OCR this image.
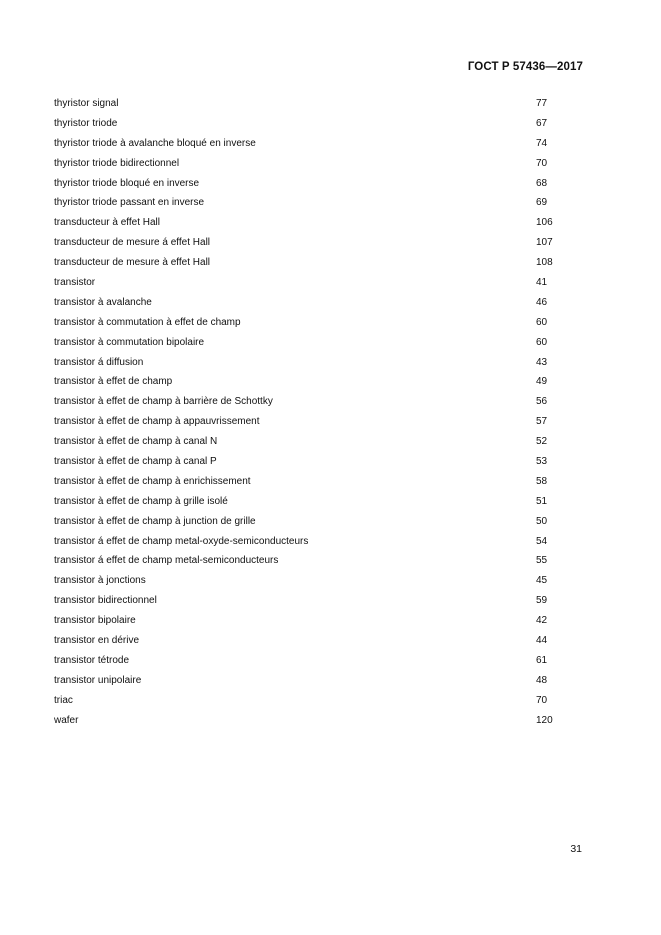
ГОСТ Р 57436—2017
thyristor signal	77
thyristor triode	67
thyristor triode à avalanche bloqué en inverse	74
thyristor triode bidirectionnel	70
thyristor triode bloqué en inverse	68
thyristor triode passant en inverse	69
transducteur à effet Hall	106
transducteur de mesure á effet Hall	107
transducteur de mesure à effet Hall	108
transistor	41
transistor à avalanche	46
transistor à commutation à effet de champ	60
transistor à commutation bipolaire	60
transistor á diffusion	43
transistor à effet de champ	49
transistor à effet de champ à barrière de Schottky	56
transistor à effet de champ à appauvrissement	57
transistor à effet de champ à canal N	52
transistor à effet de champ à canal P	53
transistor à effet de champ à enrichissement	58
transistor à effet de champ à grille isolé	51
transistor à effet de champ à junction de grille	50
transistor á effet de champ metal-oxyde-semiconducteurs	54
transistor á effet de champ metal-semiconducteurs	55
transistor à jonctions	45
transistor bidirectionnel	59
transistor bipolaire	42
transistor en dérive	44
transistor tétrode	61
transistor unipolaire	48
triac	70
wafer	120
31
